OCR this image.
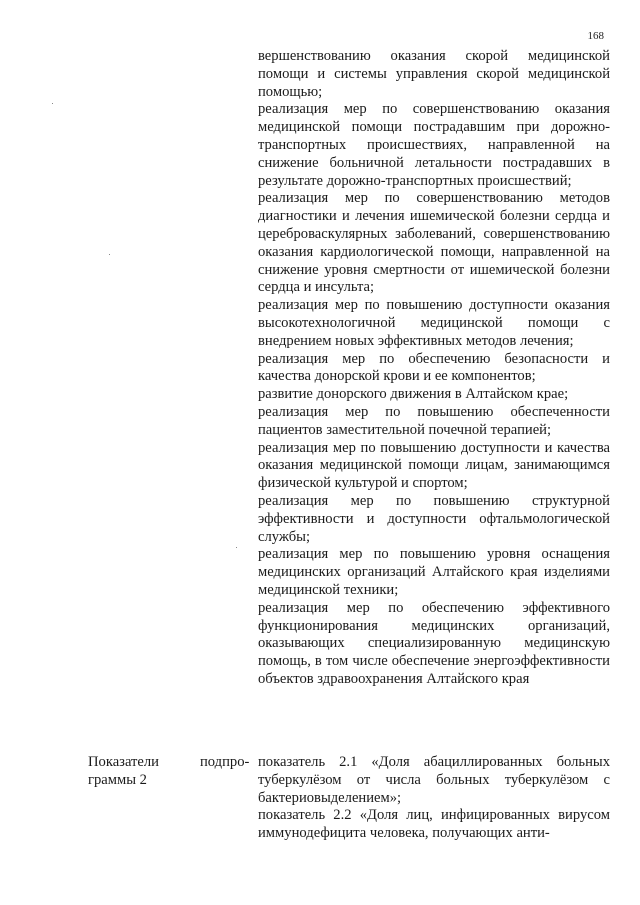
168

вершенствованию оказания скорой медицинской помощи и системы управления скорой медицинской помощью;

реализация мер по совершенствованию оказания медицинской помощи пострадавшим при дорожно-транспортных происшествиях, направленной на снижение больничной летальности пострадавших в результате дорожно-транспортных происшествий;

реализация мер по совершенствованию методов диагностики и лечения ишемической болезни сердца и цереброваскулярных заболеваний, совершенствованию оказания кардиологической помощи, направленной на снижение уровня смертности от ишемической болезни сердца и инсульта;

реализация мер по повышению доступности оказания высокотехнологичной медицинской помощи с внедрением новых эффективных методов лечения;

реализация мер по обеспечению безопасности и качества донорской крови и ее компонентов;

развитие донорского движения в Алтайском крае;

реализация мер по повышению обеспеченности пациентов заместительной почечной терапией;

реализация мер по повышению доступности и качества оказания медицинской помощи лицам, занимающимся физической культурой и спортом;

реализация мер по повышению структурной эффективности и доступности офтальмологической службы;

реализация мер по повышению уровня оснащения медицинских организаций Алтайского края изделиями медицинской техники;

реализация мер по обеспечению эффективного функционирования медицинских организаций, оказывающих специализированную медицинскую помощь, в том числе обеспечение энергоэффективности объектов здравоохранения Алтайского края

Показатели
граммы 2
подпро- показатель 2.1 «Доля абациллированных больных туберкулёзом от числа больных туберкулёзом с бактериовыделением»;

показатель 2.2 «Доля лиц, инфицированных вирусом иммунодефицита человека, получающих анти-
